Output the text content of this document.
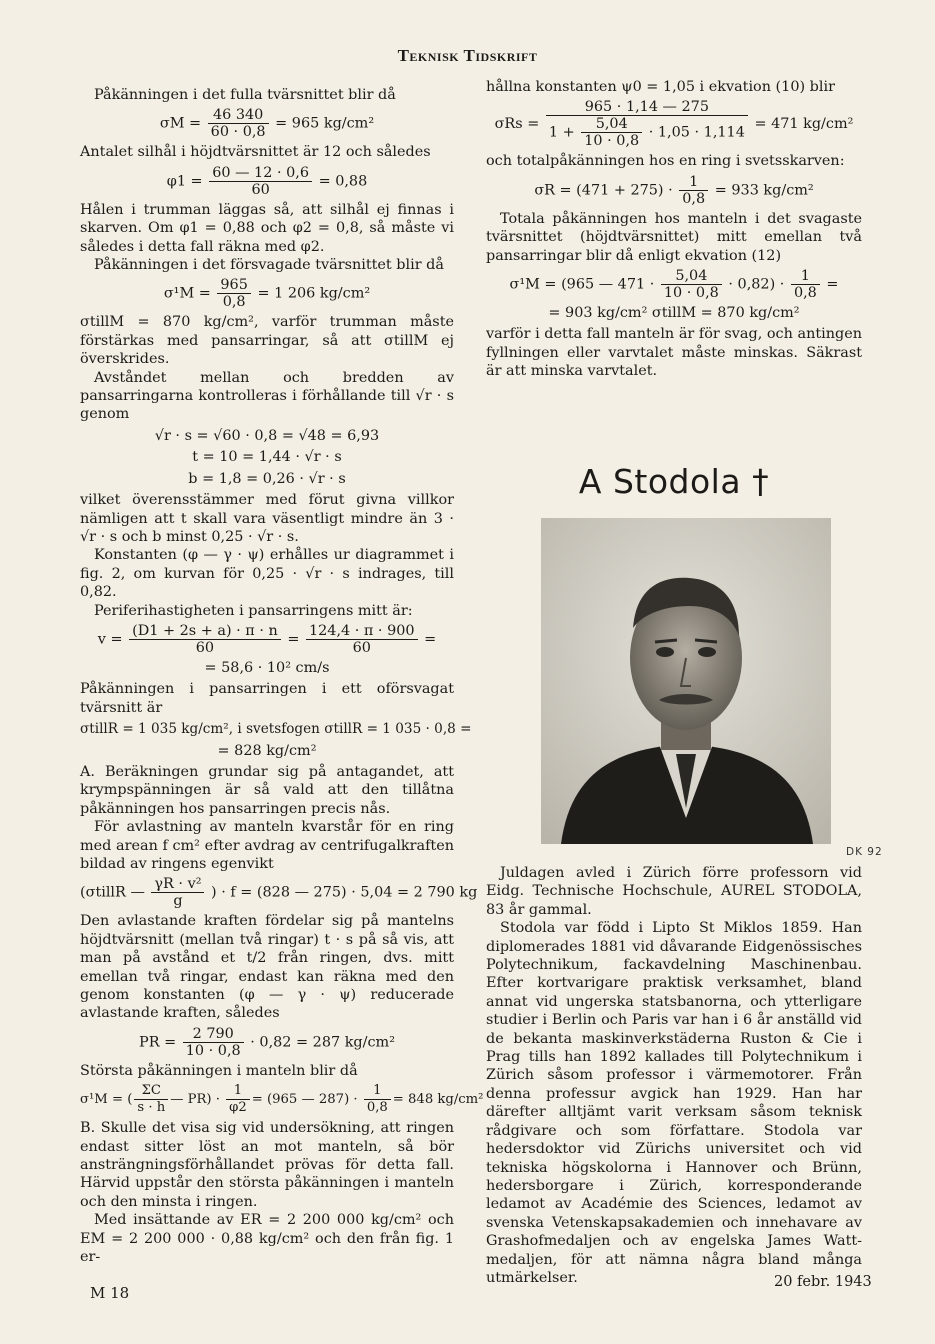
Teknisk Tidskrift

Påkänningen i det fulla tvärsnittet blir då

$\sigma M = \frac{46 340}{60 \cdot 0,8} = 965$ kg/cm²

Antalet silhål i höjdtvärsnittet är 12 och således

$\varphi 1 = \frac{60 — 12 \cdot 0,6}{60} = 0,88$

Hålen i trumman läggas så, att silhål ej finnas i skarven. Om φ1 = 0,88 och φ2 = 0,8, så måste vi således i detta fall räkna med φ2.

Påkänningen i det försvagade tvärsnittet blir då

$\sigma^1M = \frac{965}{0,8} = 1$ 206 kg/cm²

σtillM = 870 kg/cm², varför trumman måste förstärkas med pansarringar, så att σtillM ej överskrides.

Avståndet mellan och bredden av pansarringarna kontrolleras i förhållande till √r · s genom

√r · s = √60 · 0,8 = √48 = 6,93
t = 10 = 1,44 · √r · s
b = 1,8 = 0,26 · √r · s

vilket överensstämmer med förut givna villkor nämligen att t skall vara väsentligt mindre än 3 · √r · s och b minst 0,25 · √r · s.

Konstanten (φ — γ · ψ) erhålles ur diagrammet i fig. 2, om kurvan för 0,25 · √r · s indrages, till 0,82.

Periferihastigheten i pansarringens mitt är:

$v = \frac{(D1 + 2s + a) \cdot \pi \cdot n}{60} = \frac{124,4 \cdot \pi \cdot 900}{60}$ =
= 58,6 · 10² cm/s

Påkänningen i pansarringen i ett oförsvagat tvärsnitt är

σtillR = 1 035 kg/cm², i svetsfogen σtillR = 1 035 · 0,8 =
= 828 kg/cm²

A. Beräkningen grundar sig på antagandet, att krympspänningen är så vald att den tillåtna påkänningen hos pansarringen precis nås.

För avlastning av manteln kvarstår för en ring med arean f cm² efter avdrag av centrifugalkraften bildad av ringens egenvikt

(σtillR — $\frac{\text{γR · v²}}{g}$ ) · f = (828 — 275) · 5,04 = 2 790 kg

Den avlastande kraften fördelar sig på mantelns höjdtvärsnitt (mellan två ringar) t · s på så vis, att man på avstånd et t/2 från ringen, dvs. mitt emellan två ringar, endast kan räkna med den genom konstanten (φ — γ · ψ) reducerade avlastande kraften, således

PR = $\frac{2 790}{10 \cdot 0,8} \cdot 0,82 = 287$ kg/cm²

Största påkänningen i manteln blir då

σ¹M = ( $\frac{\Sigma C}{s \cdot h}$ — $PR) \cdot \frac{1}{\varphi 2} = (965$ — $287) \cdot \frac{1}{0,8} = 848$ kg/cm²

B. Skulle det visa sig vid undersökning, att ringen endast sitter löst an mot manteln, så bör ansträngningsförhållandet prövas för detta fall. Härvid uppstår den största påkänningen i manteln och den minsta i ringen.

Med insättande av ER = 2 200 000 kg/cm² och EM = 2 200 000 · 0,88 kg/cm² och den från fig. 1 er-

hållna konstanten ψ0 = 1,05 i ekvation (10) blir

$\sigma Rs = \frac{965 \cdot 1,14 — 275}{1 + \frac{5,04}{10 \cdot 0,8} \cdot 1,05 \cdot 1,114} = 471$ kg/cm²

och totalpåkänningen hos en ring i svetsskarven:

$\sigma R = (471 + 275) \cdot \frac{1}{0,8} = 933$ kg/cm²

Totala påkänningen hos manteln i det svagaste tvärsnittet (höjdtvärsnittet) mitt emellan två pansarringar blir då enligt ekvation (12)

σ¹M = (965 — $471 \cdot \frac{5,04}{10 \cdot 0,8} \cdot 0,82) \cdot \frac{1}{0,8}$ =
= 903 kg/cm² σtillM = 870 kg/cm²

varför i detta fall manteln är för svag, och antingen fyllningen eller varvtalet måste minskas. Säkrast är att minska varvtalet.

A Stodola †
DK 92

Juldagen avled i Zürich förre professorn vid Eidg. Technische Hochschule, AUREL STODOLA, 83 år gammal.

Stodola var född i Lipto St Miklos 1859. Han diplomerades 1881 vid dåvarande Eidgenössisches Polytechnikum, fackavdelning Maschinenbau. Efter kortvarigare praktisk verksamhet, bland annat vid ungerska statsbanorna, och ytterligare studier i Berlin och Paris var han i 6 år anställd vid de bekanta maskinverkstäderna Ruston & Cie i Prag tills han 1892 kallades till Polytechnikum i Zürich såsom professor i värmemotorer. Från denna professur avgick han 1929. Han har därefter alltjämt varit verksam såsom teknisk rådgivare och som författare. Stodola var hedersdoktor vid Zürichs universitet och vid tekniska högskolorna i Hannover och Brünn, hedersborgare i Zürich, korresponderande ledamot av Académie des Sciences, ledamot av svenska Vetenskapsakademien och innehavare av Grashofmedaljen och av engelska James Watt-medaljen, för att nämna några bland många utmärkelser.

M 18
20 febr. 1943
